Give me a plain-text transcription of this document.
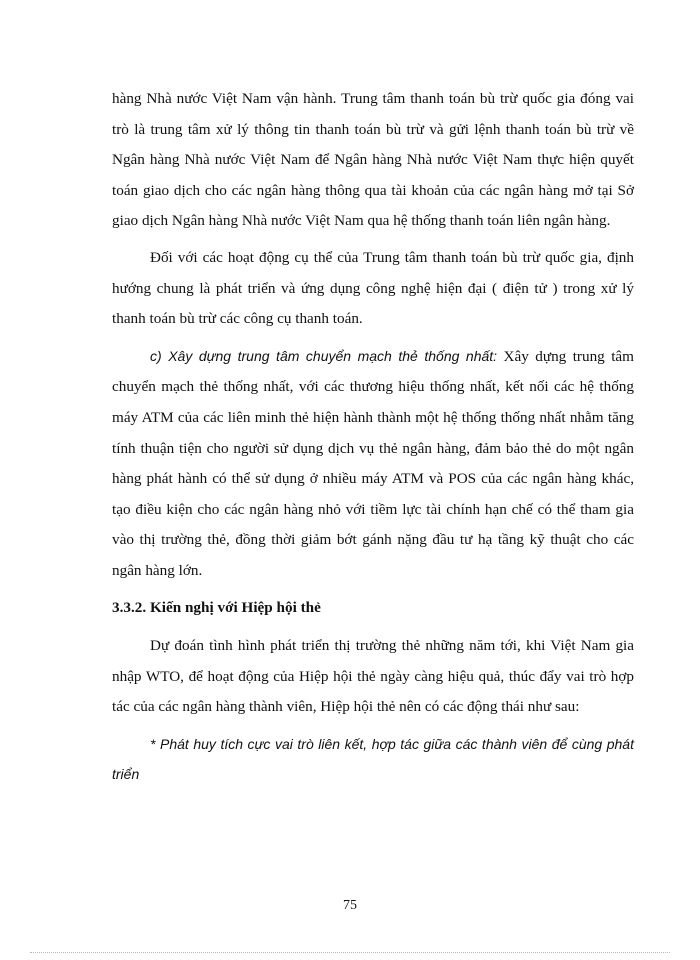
hàng Nhà nước Việt Nam vận hành. Trung tâm thanh toán bù trừ quốc gia đóng vai trò là trung tâm xử lý thông tin thanh toán bù trừ và gửi lệnh thanh toán bù trừ về Ngân hàng Nhà nước Việt Nam để Ngân hàng Nhà nước Việt Nam thực hiện quyết toán giao dịch cho các ngân hàng thông qua tài khoản của các ngân hàng mở tại Sở giao dịch Ngân hàng Nhà nước Việt Nam qua hệ thống thanh toán liên ngân hàng.

Đối với các hoạt động cụ thể của Trung tâm thanh toán bù trừ quốc gia, định hướng chung là phát triển và ứng dụng công nghệ hiện đại ( điện tử ) trong xử lý thanh toán bù trừ các công cụ thanh toán.

c) Xây dựng trung tâm chuyển mạch thẻ thống nhất: Xây dựng trung tâm chuyển mạch thẻ thống nhất, với các thương hiệu thống nhất, kết nối các hệ thống máy ATM của các liên minh thẻ hiện hành thành một hệ thống thống nhất nhằm tăng tính thuận tiện cho người sử dụng dịch vụ thẻ ngân hàng, đảm bảo thẻ do một ngân hàng phát hành có thể sử dụng ở nhiều máy ATM và POS của các ngân hàng khác, tạo điều kiện cho các ngân hàng nhỏ với tiềm lực tài chính hạn chế có thể tham gia vào thị trường thẻ, đồng thời giảm bớt gánh nặng đầu tư hạ tầng kỹ thuật cho các ngân hàng lớn.

3.3.2. Kiến nghị với Hiệp hội thẻ

Dự đoán tình hình phát triển thị trường thẻ những năm tới, khi Việt Nam gia nhập WTO, để hoạt động của Hiệp hội thẻ ngày càng hiệu quả, thúc đẩy vai trò hợp tác của các ngân hàng thành viên, Hiệp hội thẻ nên có các động thái như sau:

* Phát huy tích cực vai trò liên kết, hợp tác giữa các thành viên để cùng phát triển

75
